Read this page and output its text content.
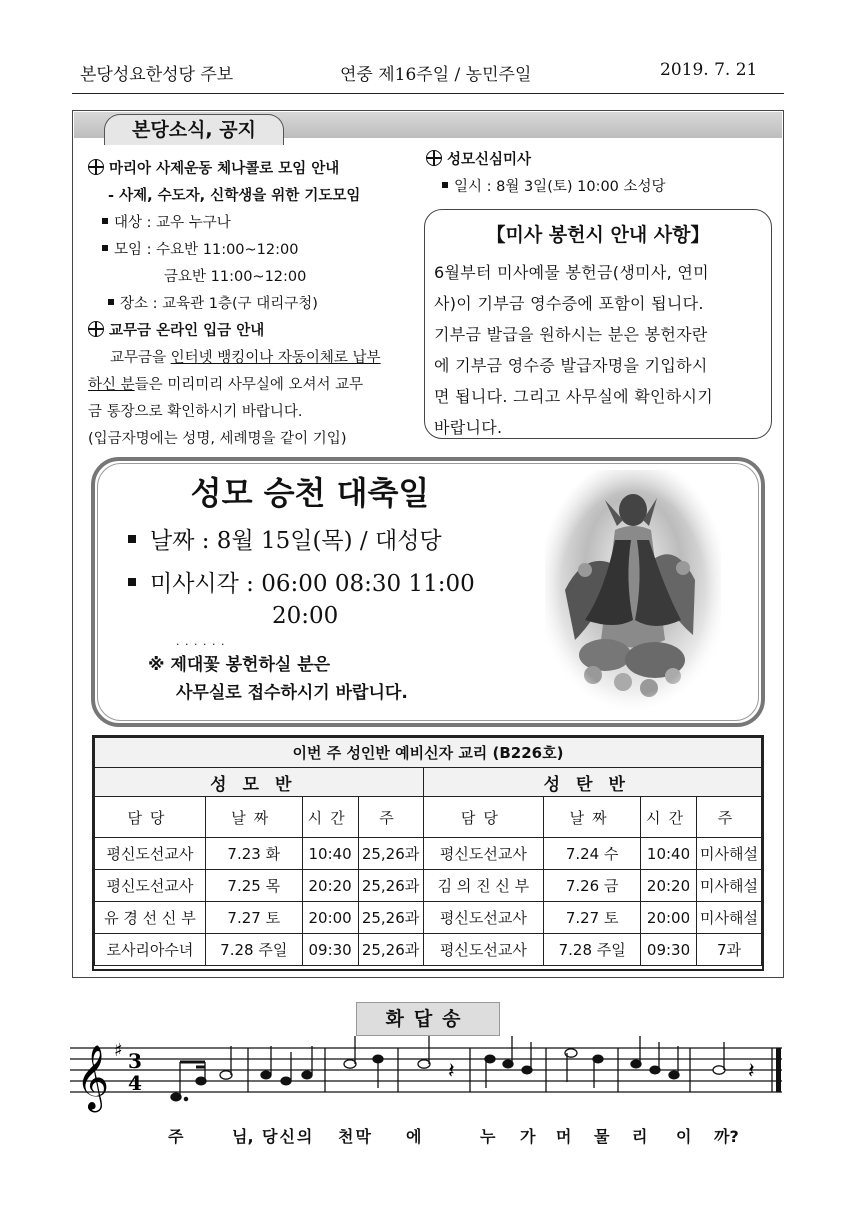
본당성요한성당 주보	연중 제16주일 / 농민주일	2019. 7. 21
본당소식, 공지
마리아 사제운동 체나콜로 모임 안내
- 사제, 수도자, 신학생을 위한 기도모임
대상 : 교우 누구나
모임 : 수요반 11:00~12:00
금요반 11:00~12:00
장소 : 교육관 1층(구 대리구청)
교무금 온라인 입금 안내
교무금을 인터넷 뱅킹이나 자동이체로 납부
하신 분들은 미리미리 사무실에 오셔서 교무
금 통장으로 확인하시기 바랍니다.
(입금자명에는 성명, 세례명을 같이 기입)
성모신심미사
일시 : 8월 3일(토) 10:00 소성당
【미사 봉헌시 안내 사항】
6월부터 미사예물 봉헌금(생미사, 연미
사)이 기부금 영수증에 포함이 됩니다.
기부금 발급을 원하시는 분은 봉헌자란
에 기부금 영수증 발급자명을 기입하시
면 됩니다. 그리고 사무실에 확인하시기
바랍니다.
성모 승천 대축일
날짜 : 8월 15일(목) / 대성당
미사시각 : 06:00 08:30 11:00
20:00
· · · · · ·
※ 제대꽃 봉헌하실 분은
사무실로 접수하시기 바랍니다.
이번 주 성인반 예비신자 교리 (B226호)							
성모반				성탄반			
담당	날짜	시간	주	담당	날짜	시간	주
평신도선교사	7.23 화	10:40	25,26과	평신도선교사	7.24 수	10:40	미사해설
평신도선교사	7.25 목	20:20	25,26과	김 의 진 신 부	7.26 금	20:20	미사해설
유 경 선 신 부	7.27 토	20:00	25,26과	평신도선교사	7.27 토	20:00	미사해설
로사리아수녀	7.28 주일	09:30	25,26과	평신도선교사	7.28 주일	09:30	7과
화답송
𝄞 ♯ 3
4	𝄽	𝄽
주	님, 당신의 천막 에	누 가 머 물 리 이 까?
